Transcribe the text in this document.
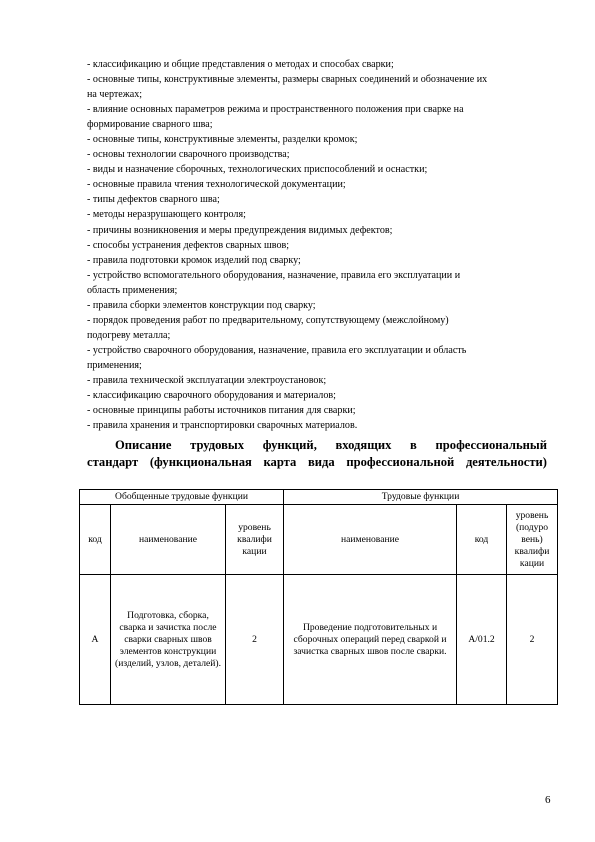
- классификацию и общие представления о методах и способах сварки;
- основные типы, конструктивные элементы, размеры сварных соединений и обозначение их
на чертежах;
- влияние основных параметров режима и пространственного положения при сварке на
формирование сварного шва;
- основные типы, конструктивные элементы, разделки кромок;
- основы технологии сварочного производства;
- виды и назначение сборочных, технологических приспособлений и оснастки;
- основные правила чтения технологической документации;
- типы дефектов сварного шва;
- методы неразрушающего контроля;
- причины возникновения и меры предупреждения видимых дефектов;
- способы устранения дефектов сварных швов;
- правила подготовки кромок изделий под сварку;
- устройство вспомогательного оборудования, назначение, правила его эксплуатации и
область применения;
- правила сборки элементов конструкции под сварку;
- порядок проведения работ по предварительному, сопутствующему (межслойному)
подогреву металла;
- устройство сварочного оборудования, назначение, правила его эксплуатации и область
применения;
- правила технической эксплуатации электроустановок;
- классификацию сварочного оборудования и материалов;
- основные принципы работы источников питания для сварки;
- правила хранения и транспортировки сварочных материалов.
Описание трудовых функций, входящих в профессиональный
стандарт (функциональная карта вида профессиональной деятельности)
Обобщенные трудовые функции			Трудовые функции		
код	наименование	уровень квалифи кации	наименование	код	уровень (подуро вень) квалифи кации
А	Подготовка, сборка, сварка и зачистка после сварки сварных швов элементов конструкции (изделий, узлов, деталей).	2	Проведение подготовительных и сборочных операций перед сваркой и зачистка сварных швов после сварки.	A/01.2	2
6
